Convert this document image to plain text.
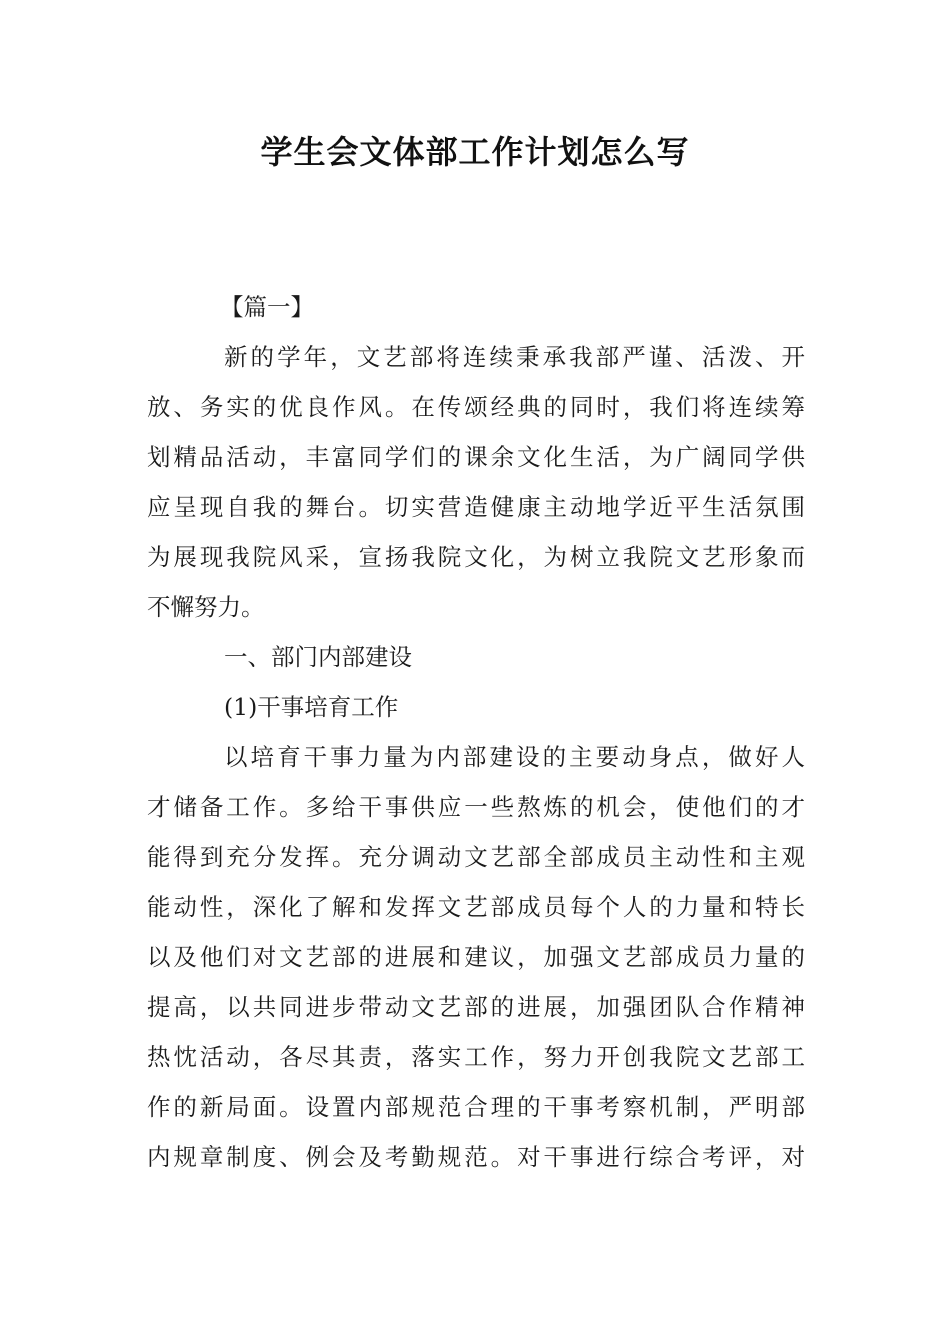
学生会文体部工作计划怎么写
【篇一】
新的学年，文艺部将连续秉承我部严谨、活泼、开
放、务实的优良作风。在传颂经典的同时，我们将连续筹
划精品活动，丰富同学们的课余文化生活，为广阔同学供
应呈现自我的舞台。切实营造健康主动地学近平生活氛围
为展现我院风采，宣扬我院文化，为树立我院文艺形象而
不懈努力。
一、部门内部建设
(1)干事培育工作
以培育干事力量为内部建设的主要动身点，做好人
才储备工作。多给干事供应一些熬炼的机会，使他们的才
能得到充分发挥。充分调动文艺部全部成员主动性和主观
能动性，深化了解和发挥文艺部成员每个人的力量和特长
以及他们对文艺部的进展和建议，加强文艺部成员力量的
提高，以共同进步带动文艺部的进展，加强团队合作精神
热忱活动，各尽其责，落实工作，努力开创我院文艺部工
作的新局面。设置内部规范合理的干事考察机制，严明部
内规章制度、例会及考勤规范。对干事进行综合考评，对
